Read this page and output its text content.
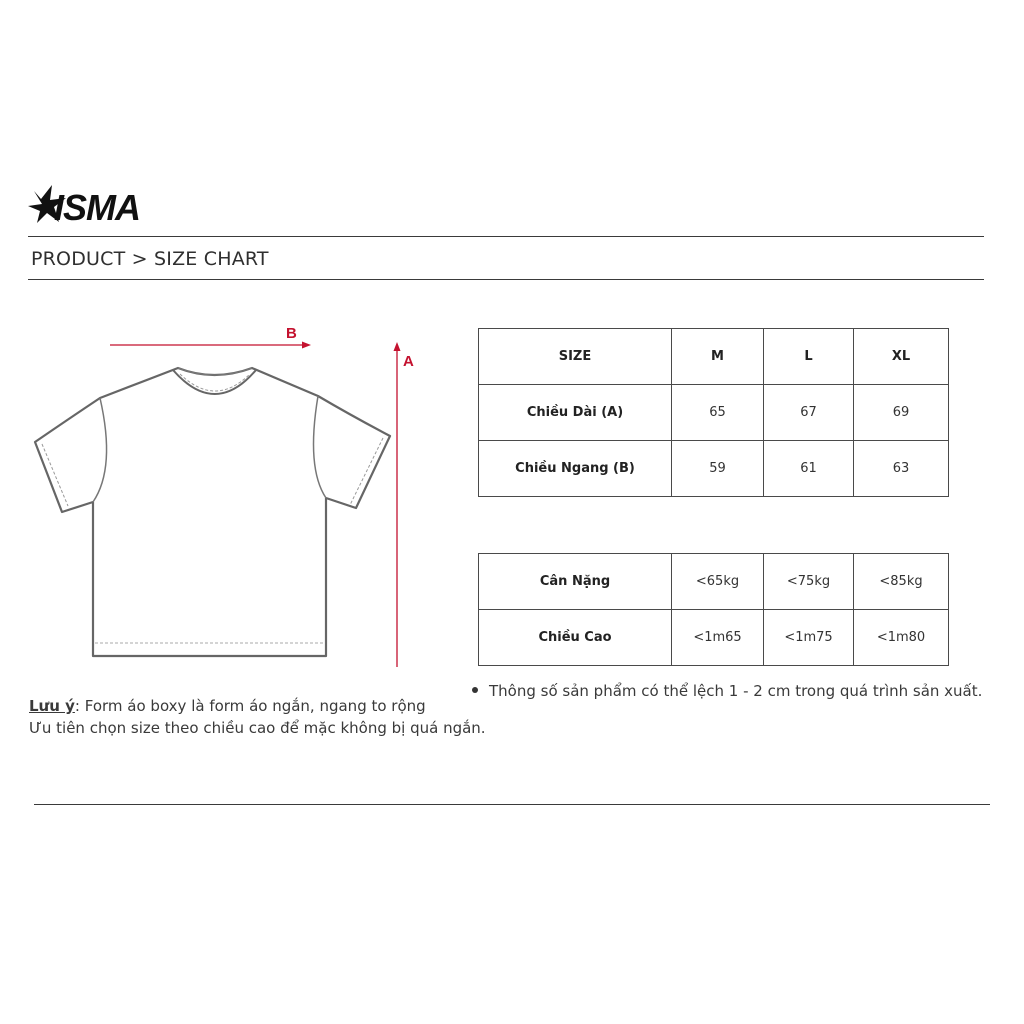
ISMA
PRODUCT > SIZE CHART
B
A	SIZE	M	L	XL
Chiều Dài (A)	65	67	69
Chiều Ngang (B)	59	61	63
Cân Nặng	<65kg	<75kg	<85kg
Chiều Cao	<1m65	<1m75	<1m80
Lưu ý: Form áo boxy là form áo ngắn, ngang to rộng
Ưu tiên chọn size theo chiều cao để mặc không bị quá ngắn.
Thông số sản phẩm có thể lệch 1 - 2 cm trong quá trình sản xuất.
